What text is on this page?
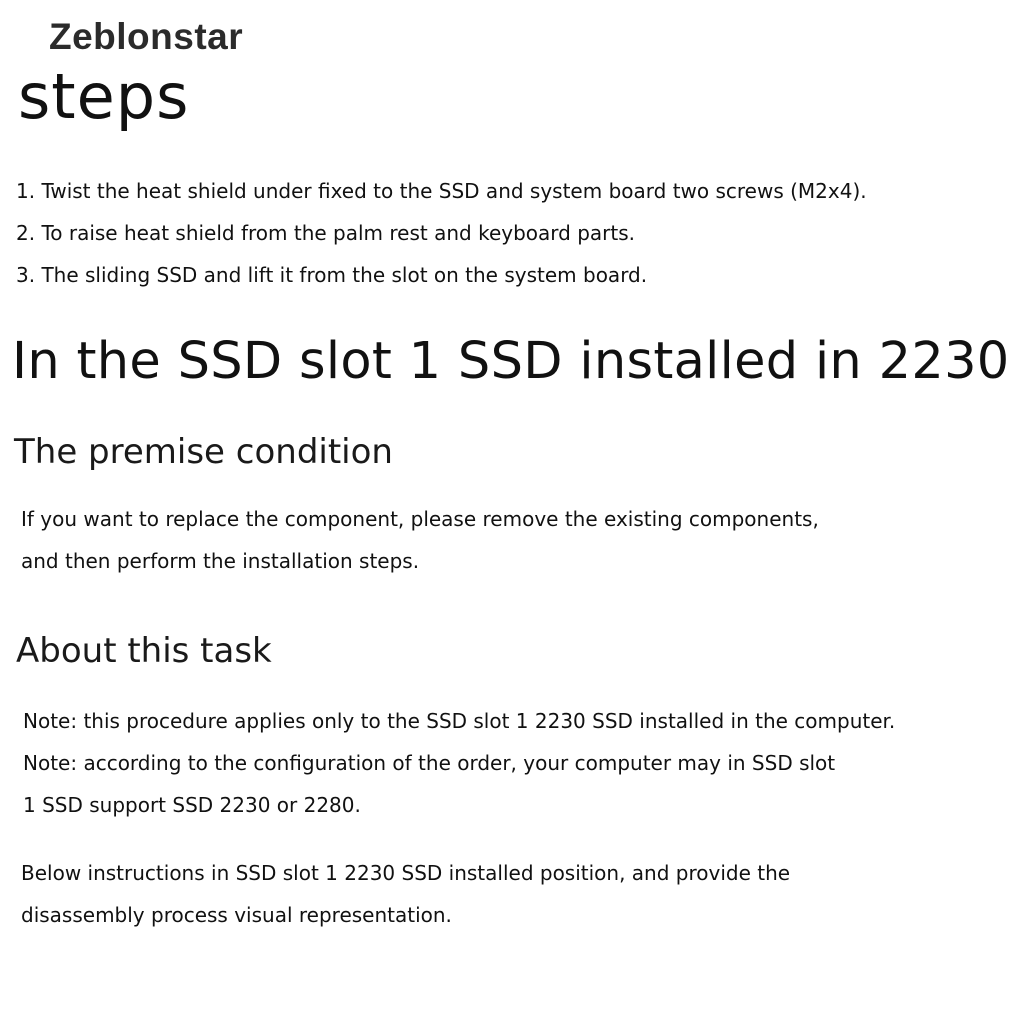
Zeblonstar
steps
1. Twist the heat shield under fixed to the SSD and system board two screws (M2x4).
2. To raise heat shield from the palm rest and keyboard parts.
3. The sliding SSD and lift it from the slot on the system board.
In the SSD slot 1 SSD installed in 2230
The premise condition

If you want to replace the component, please remove the existing components,
and then perform the installation steps.

About this task

Note: this procedure applies only to the SSD slot 1 2230 SSD installed in the computer.
Note: according to the configuration of the order, your computer may in SSD slot
1 SSD support SSD 2230 or 2280.

Below instructions in SSD slot 1 2230 SSD installed position, and provide the
disassembly process visual representation.
